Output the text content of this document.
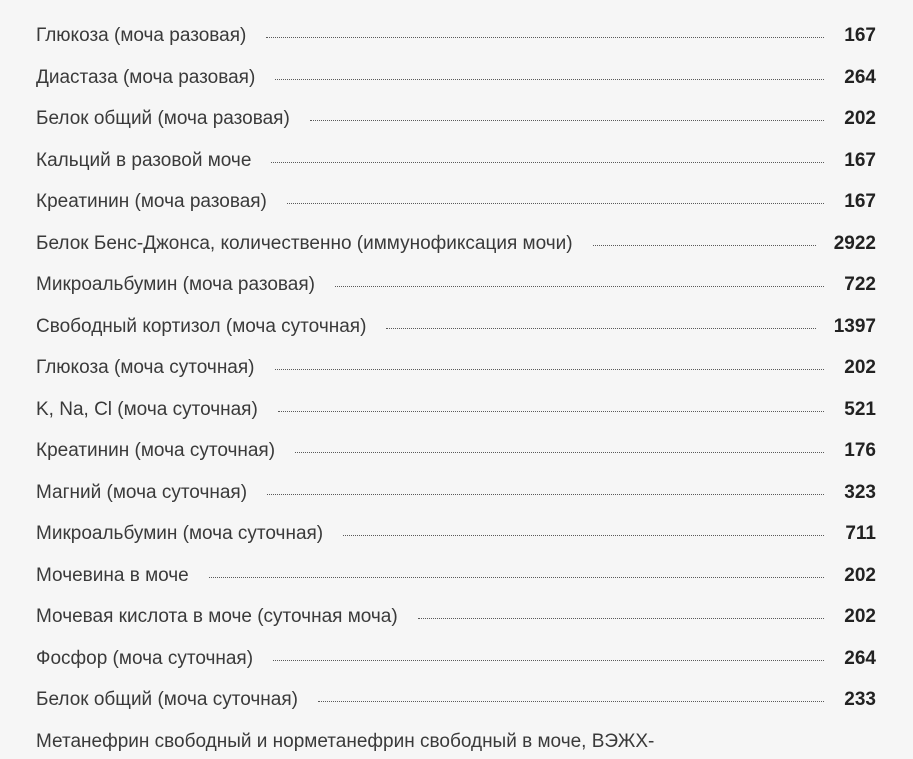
Глюкоза (моча разовая)	167
Диастаза (моча разовая)	264
Белок общий (моча разовая)	202
Кальций в разовой моче	167
Креатинин (моча разовая)	167
Белок Бенс-Джонса, количественно (иммунофиксация мочи)	2922
Микроальбумин (моча разовая)	722
Свободный кортизол (моча суточная)	1397
Глюкоза (моча суточная)	202
K, Na, Cl (моча суточная)	521
Креатинин (моча суточная)	176
Магний (моча суточная)	323
Микроальбумин (моча суточная)	711
Мочевина в моче	202
Мочевая кислота в моче (суточная моча)	202
Фосфор (моча суточная)	264
Белок общий (моча суточная)	233
Метанефрин свободный и норметанефрин свободный в моче, ВЭЖХ-
